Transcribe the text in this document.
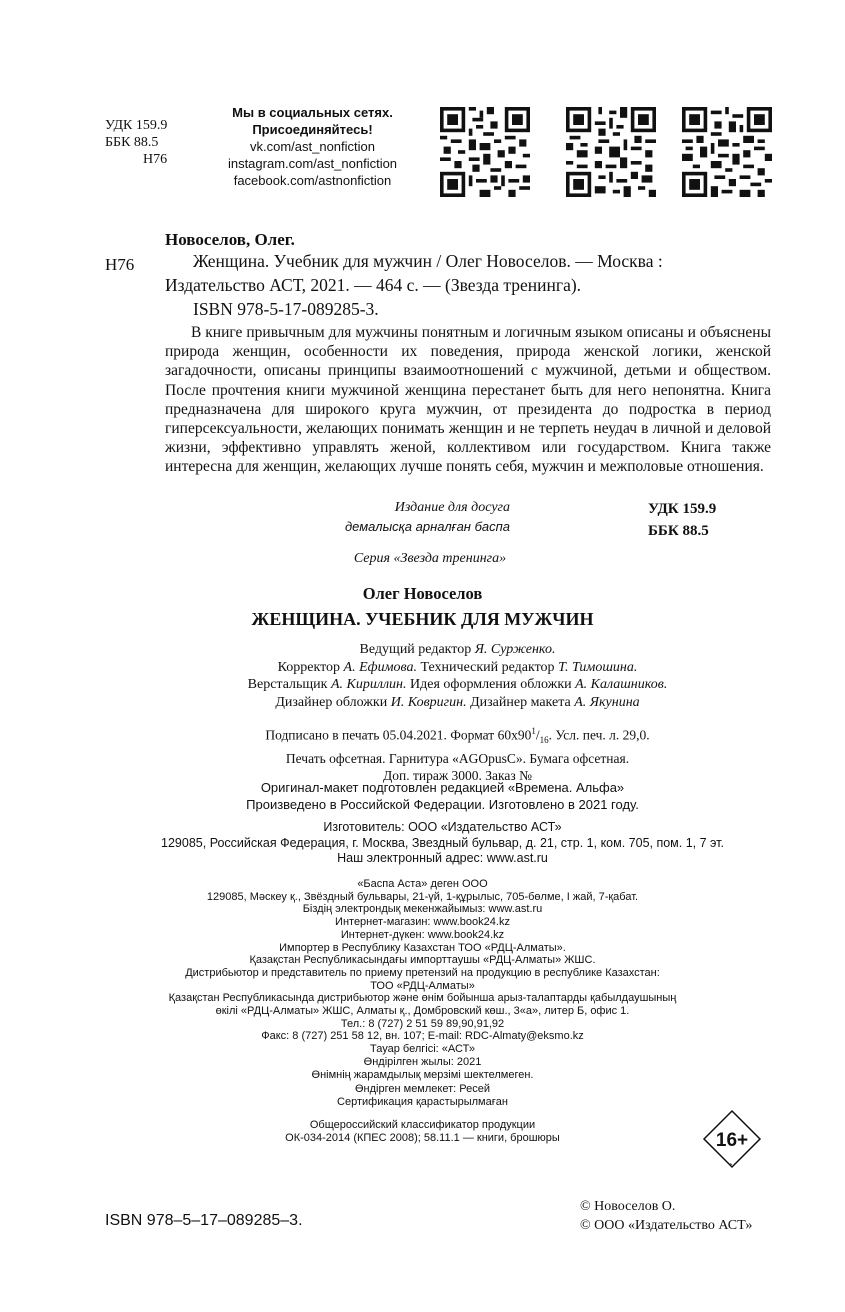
УДК 159.9
ББК 88.5
Н76
Мы в социальных сетях.
Присоединяйтесь!
vk.com/ast_nonfiction
instagram.com/ast_nonfiction
facebook.com/astnonfiction
Новоселов, Олег.
Н76	Женщина. Учебник для мужчин / Олег Новоселов. — Москва :
Издательство АСТ, 2021. — 464 с. — (Звезда тренинга).
ISBN 978-5-17-089285-3.
В книге привычным для мужчины понятным и логичным языком описаны и объяснены природа женщин, особенности их поведения, природа женской логики, женской загадочности, описаны принципы взаимоотношений с мужчиной, детьми и обществом. После прочтения книги мужчиной женщина перестанет быть для него непонятна. Книга предназначена для широкого круга мужчин, от президента до подростка в период гиперсексуальности, желающих понимать женщин и не терпеть неудач в личной и деловой жизни, эффективно управлять женой, коллективом или государством. Книга также интересна для женщин, желающих лучше понять себя, мужчин и межполовые отношения.
Издание для досуга
демалысқа арналған баспа
УДК 159.9
ББК 88.5
Серия «Звезда тренинга»
Олег Новоселов
ЖЕНЩИНА. УЧЕБНИК ДЛЯ МУЖЧИН
Ведущий редактор Я. Сурженко.
Корректор А. Ефимова. Технический редактор Т. Тимошина.
Верстальщик А. Кириллин. Идея оформления обложки А. Калашников.
Дизайнер обложки И. Ковригин. Дизайнер макета А. Якунина
Подписано в печать 05.04.2021. Формат $60х90^1/_{16}$. Усл. печ. л. 29,0.
Печать офсетная. Гарнитура «AGOpusC». Бумага офсетная.
Доп. тираж 3000. Заказ №
Оригинал-макет подготовлен редакцией «Времена. Альфа»
Произведено в Российской Федерации. Изготовлено в 2021 году.
Изготовитель: ООО «Издательство АСТ»
129085, Российская Федерация, г. Москва, Звездный бульвар, д. 21, стр. 1, ком. 705, пом. 1, 7 эт.
Наш электронный адрес: www.ast.ru
«Баспа Аста» деген ООО
129085, Мәскеу қ., Звёздный бульвары, 21-үй, 1-құрылыс, 705-бөлме, I жай, 7-қабат.
Біздің электрондық мекенжайымыз: www.ast.ru
Интернет-магазин: www.book24.kz
Интернет-дүкен: www.book24.kz
Импортер в Республику Казахстан ТОО «РДЦ-Алматы».
Қазақстан Республикасындағы импорттаушы «РДЦ-Алматы» ЖШС.
Дистрибьютор и представитель по приему претензий на продукцию в республике Казахстан:
ТОО «РДЦ-Алматы»
Қазақстан Республикасында дистрибьютор және өнім бойынша арыз-талаптарды қабылдаушының
өкілі «РДЦ-Алматы» ЖШС, Алматы қ., Домбровский көш., 3«а», литер Б, офис 1.
Тел.: 8 (727) 2 51 59 89,90,91,92
Факс: 8 (727) 251 58 12, вн. 107; E-mail: RDC-Almaty@eksmo.kz
Тауар белгісі: «АСТ»
Өндірілген жылы: 2021
Өнімнің жарамдылық мерзімі шектелмеген.
Өндірген мемлекет: Ресей
Сертификация қарастырылмаған
Общероссийский классификатор продукции
ОК-034-2014 (КПЕС 2008); 58.11.1 — книги, брошюры	16+
ˆ
ISBN 978–5–17–089285–3.
© Новоселов О.
© ООО «Издательство АСТ»
